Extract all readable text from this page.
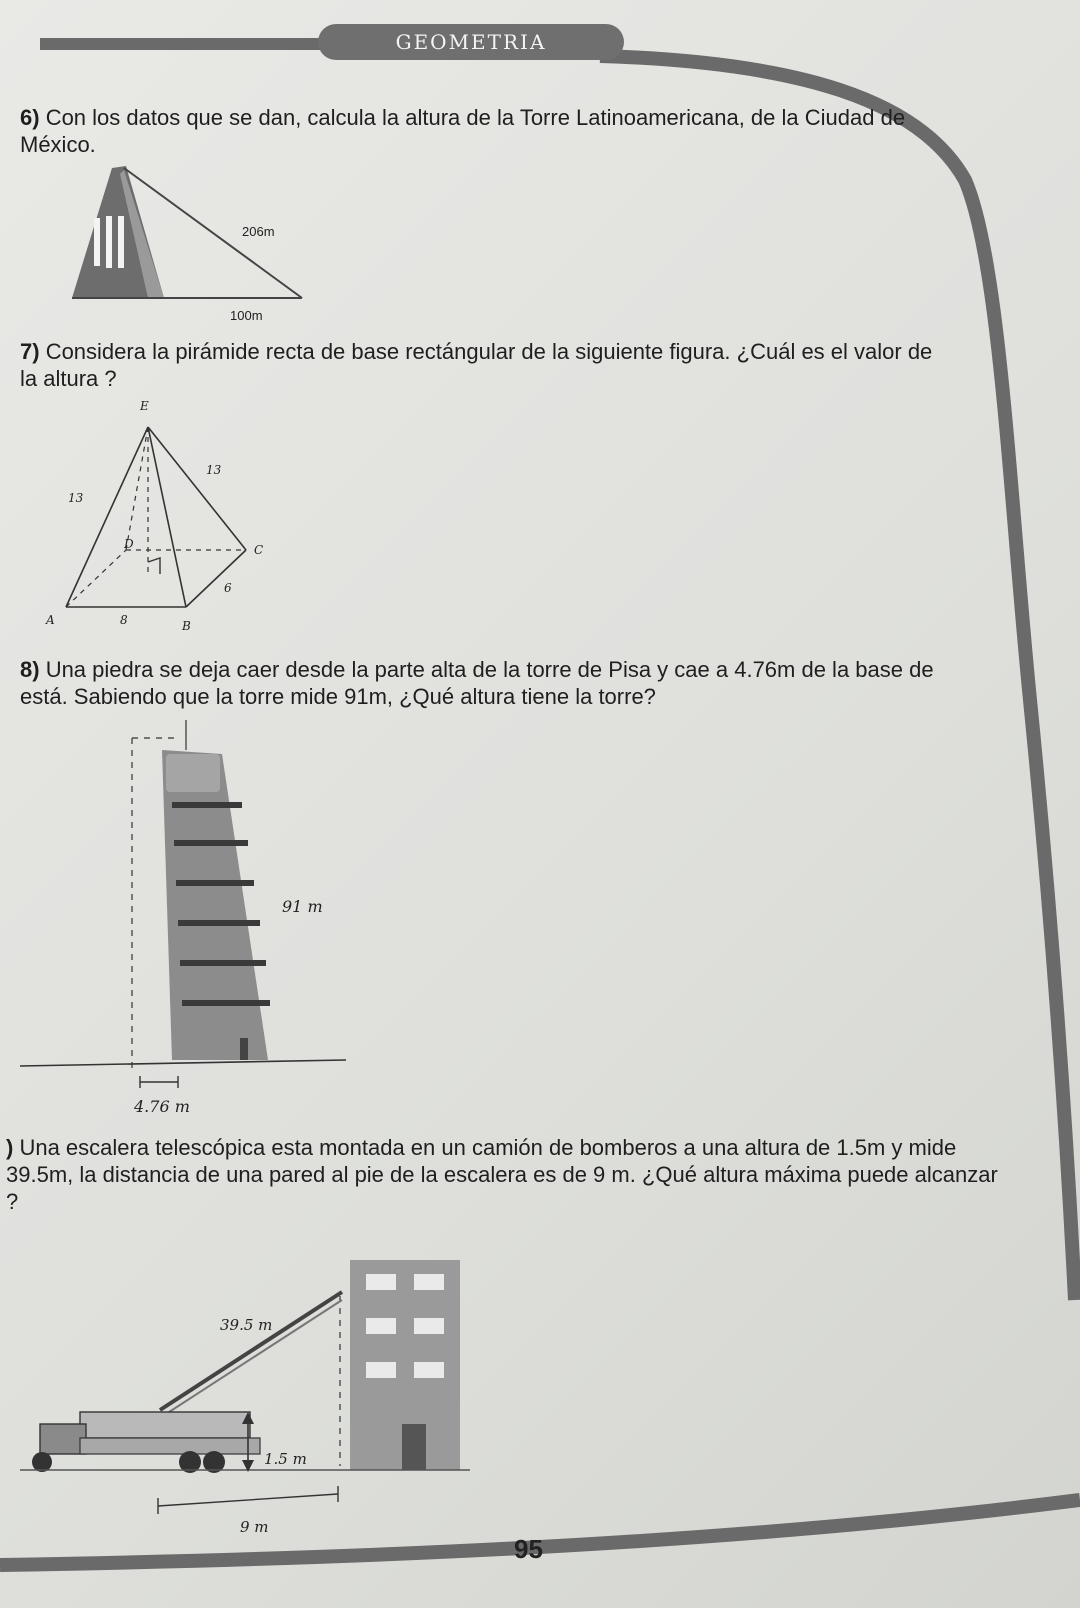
GEOMETRIA
6) Con los datos que se dan, calcula la altura de la Torre Latinoamericana, de la Ciudad de México.
206m
100m
7) Considera la pirámide recta de base rectángular de la siguiente figura. ¿Cuál es el valor de la altura ?
E
13
13
D	C
6
A	8	B
8) Una piedra se deja caer desde la parte alta de la torre de Pisa y cae a 4.76m de la base de está. Sabiendo que la torre mide 91m, ¿Qué altura tiene la torre?
91 m
4.76 m
) Una escalera telescópica esta montada en un camión de bomberos a una altura de 1.5m y mide 39.5m, la distancia de una pared al pie de la escalera es de 9 m. ¿Qué altura máxima puede alcanzar ?
39.5 m
1.5 m
9 m
95
